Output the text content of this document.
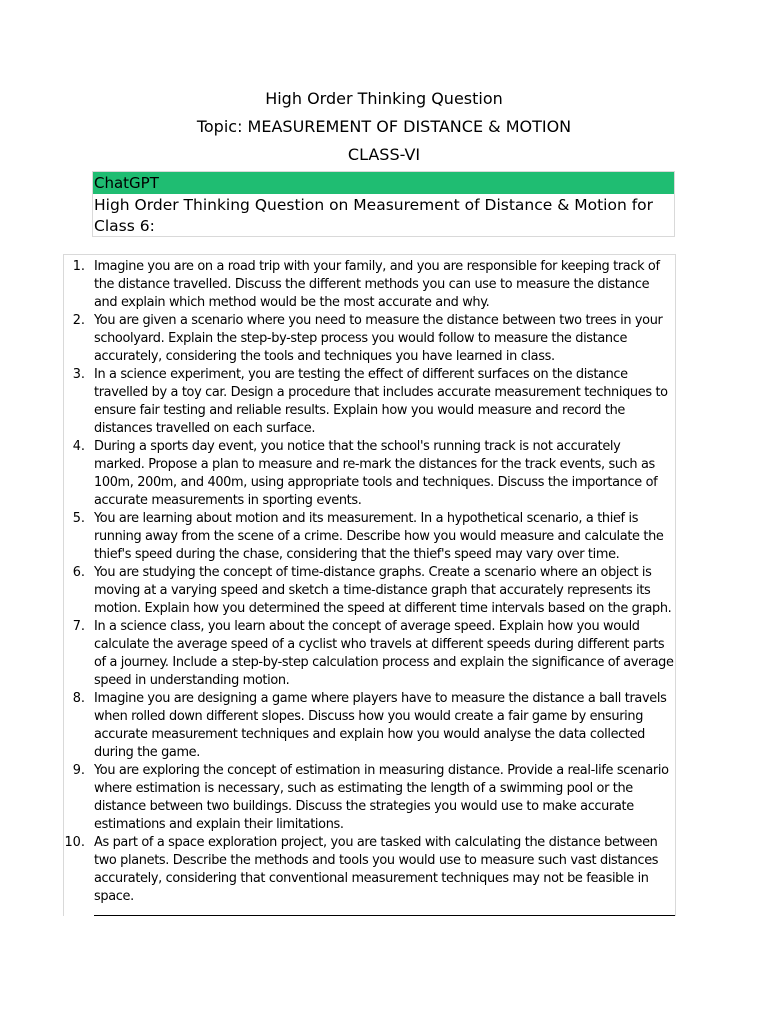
High Order Thinking Question
Topic: MEASUREMENT OF DISTANCE & MOTION
CLASS-VI
ChatGPT
High Order Thinking Question on Measurement of Distance & Motion for Class 6:
1. Imagine you are on a road trip with your family, and you are responsible for keeping track of the distance travelled. Discuss the different methods you can use to measure the distance and explain which method would be the most accurate and why.
2. You are given a scenario where you need to measure the distance between two trees in your schoolyard. Explain the step-by-step process you would follow to measure the distance accurately, considering the tools and techniques you have learned in class.
3. In a science experiment, you are testing the effect of different surfaces on the distance travelled by a toy car. Design a procedure that includes accurate measurement techniques to ensure fair testing and reliable results. Explain how you would measure and record the distances travelled on each surface.
4. During a sports day event, you notice that the school's running track is not accurately marked. Propose a plan to measure and re-mark the distances for the track events, such as 100m, 200m, and 400m, using appropriate tools and techniques. Discuss the importance of accurate measurements in sporting events.
5. You are learning about motion and its measurement. In a hypothetical scenario, a thief is running away from the scene of a crime. Describe how you would measure and calculate the thief's speed during the chase, considering that the thief's speed may vary over time.
6. You are studying the concept of time-distance graphs. Create a scenario where an object is moving at a varying speed and sketch a time-distance graph that accurately represents its motion. Explain how you determined the speed at different time intervals based on the graph.
7. In a science class, you learn about the concept of average speed. Explain how you would calculate the average speed of a cyclist who travels at different speeds during different parts of a journey. Include a step-by-step calculation process and explain the significance of average speed in understanding motion.
8. Imagine you are designing a game where players have to measure the distance a ball travels when rolled down different slopes. Discuss how you would create a fair game by ensuring accurate measurement techniques and explain how you would analyse the data collected during the game.
9. You are exploring the concept of estimation in measuring distance. Provide a real-life scenario where estimation is necessary, such as estimating the length of a swimming pool or the distance between two buildings. Discuss the strategies you would use to make accurate estimations and explain their limitations.
10. As part of a space exploration project, you are tasked with calculating the distance between two planets. Describe the methods and tools you would use to measure such vast distances accurately, considering that conventional measurement techniques may not be feasible in space.
